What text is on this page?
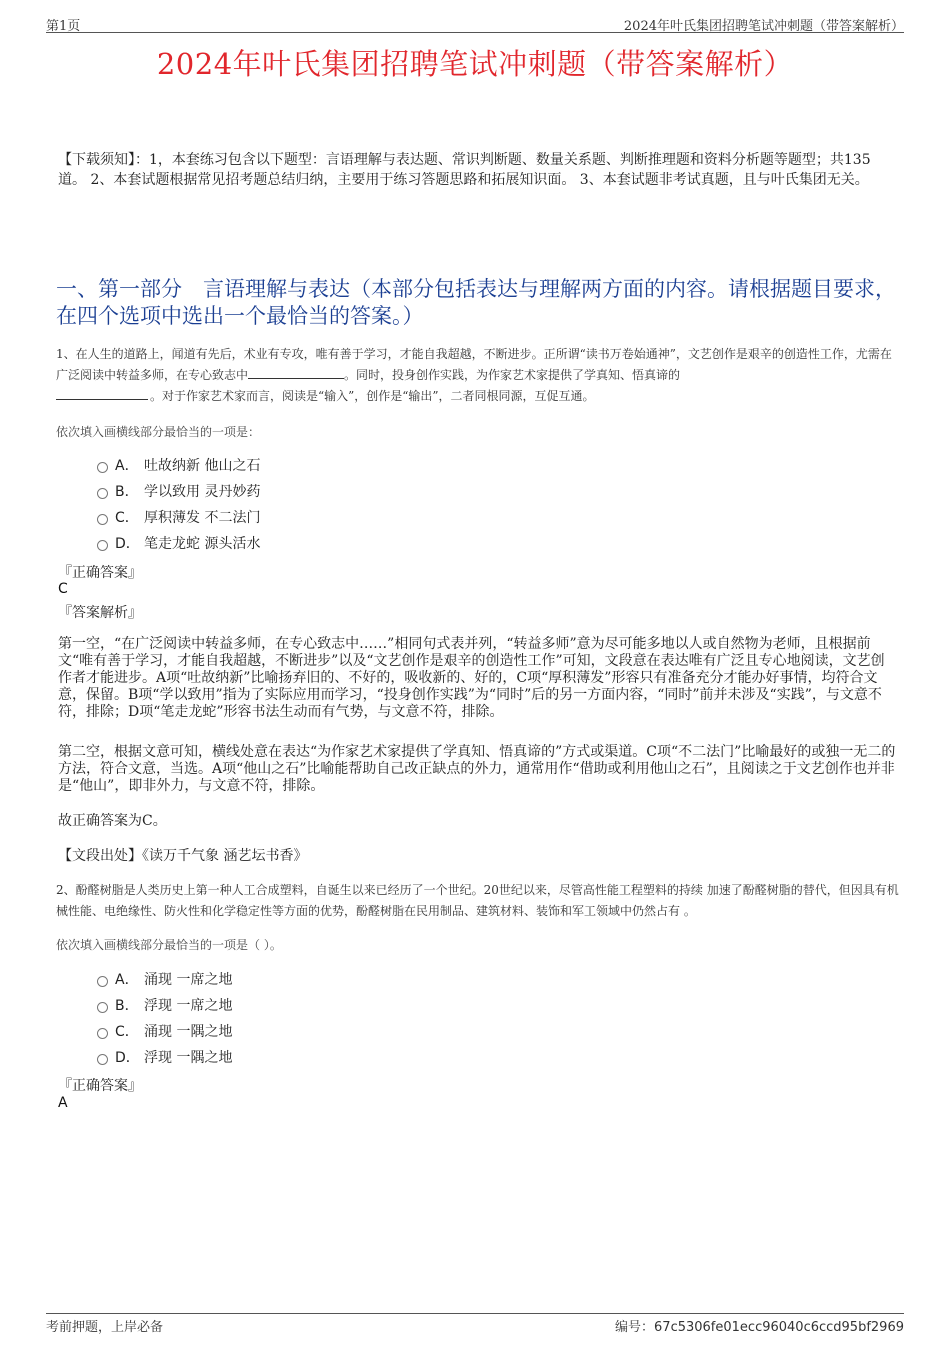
第1页	2024年叶氏集团招聘笔试冲刺题（带答案解析）
2024年叶氏集团招聘笔试冲刺题（带答案解析）
【下载须知】：1，本套练习包含以下题型：言语理解与表达题、常识判断题、数量关系题、判断推理题和资料分析题等题型；共135道。 2、本套试题根据常见招考题总结归纳，主要用于练习答题思路和拓展知识面。 3、本套试题非考试真题，且与叶氏集团无关。
一、第一部分　言语理解与表达（本部分包括表达与理解两方面的内容。请根据题目要求，在四个选项中选出一个最恰当的答案。）
1、在人生的道路上，闻道有先后，术业有专攻，唯有善于学习，才能自我超越，不断进步。正所谓“读书万卷始通神”，文艺创作是艰辛的创造性工作，尤需在广泛阅读中转益多师，在专心致志中	。同时，投身创作实践，为作家艺术家提供了学真知、悟真谛的
。对于作家艺术家而言，阅读是“输入”，创作是“输出”，二者同根同源，互促互通。
依次填入画横线部分最恰当的一项是：
A． 吐故纳新 他山之石
B． 学以致用 灵丹妙药
C． 厚积薄发 不二法门
D． 笔走龙蛇 源头活水
『正确答案』
C
『答案解析』
第一空，“在广泛阅读中转益多师，在专心致志中……”相同句式表并列，“转益多师”意为尽可能多地以人或自然物为老师，且根据前文“唯有善于学习，才能自我超越，不断进步”以及“文艺创作是艰辛的创造性工作”可知，文段意在表达唯有广泛且专心地阅读，文艺创作者才能进步。A项“吐故纳新”比喻扬弃旧的、不好的，吸收新的、好的，C项“厚积薄发”形容只有准备充分才能办好事情，均符合文意，保留。B项“学以致用”指为了实际应用而学习，“投身创作实践”为“同时”后的另一方面内容，“同时”前并未涉及“实践”，与文意不符，排除；D项“笔走龙蛇”形容书法生动而有气势，与文意不符，排除。
第二空，根据文意可知，横线处意在表达“为作家艺术家提供了学真知、悟真谛的”方式或渠道。C项“不二法门”比喻最好的或独一无二的方法，符合文意，当选。A项“他山之石”比喻能帮助自己改正缺点的外力，通常用作“借助或利用他山之石”，且阅读之于文艺创作也并非是“他山”，即非外力，与文意不符，排除。
故正确答案为C。
【文段出处】《读万千气象 涵艺坛书香》
2、酚醛树脂是人类历史上第一种人工合成塑料，自诞生以来已经历了一个世纪。20世纪以来，尽管高性能工程塑料的持续 加速了酚醛树脂的替代，但因具有机械性能、电绝缘性、防火性和化学稳定性等方面的优势，酚醛树脂在民用制品、建筑材料、装饰和军工领域中仍然占有 。
依次填入画横线部分最恰当的一项是（ ）。
A． 涌现 一席之地
B． 浮现 一席之地
C． 涌现 一隅之地
D． 浮现 一隅之地
『正确答案』
A
考前押题，上岸必备	编号：67c5306fe01ecc96040c6ccd95bf2969
